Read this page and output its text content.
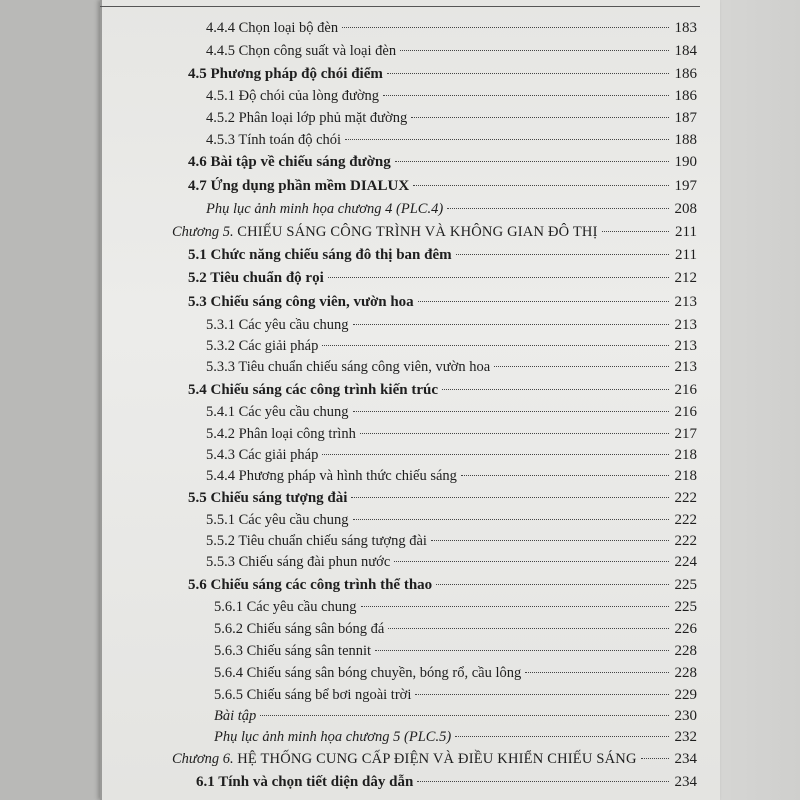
4.4.4 Chọn loại bộ đèn	183
4.4.5 Chọn công suất và loại đèn	184
4.5 Phương pháp độ chói điểm	186
4.5.1 Độ chói của lòng đường	186
4.5.2 Phân loại lớp phủ mặt đường	187
4.5.3 Tính toán độ chói	188
4.6 Bài tập về chiếu sáng đường	190
4.7 Ứng dụng phần mềm DIALUX	197
Phụ lục ảnh minh họa chương 4 (PLC.4)	208
Chương 5. CHIẾU SÁNG CÔNG TRÌNH VÀ KHÔNG GIAN ĐÔ THỊ	211
5.1 Chức năng chiếu sáng đô thị ban đêm	211
5.2 Tiêu chuẩn độ rọi	212
5.3 Chiếu sáng công viên, vườn hoa	213
5.3.1 Các yêu cầu chung	213
5.3.2 Các giải pháp	213
5.3.3 Tiêu chuẩn chiếu sáng công viên, vườn hoa	213
5.4 Chiếu sáng các công trình kiến trúc	216
5.4.1 Các yêu cầu chung	216
5.4.2 Phân loại công trình	217
5.4.3 Các giải pháp	218
5.4.4 Phương pháp và hình thức chiếu sáng	218
5.5 Chiếu sáng tượng đài	222
5.5.1 Các yêu cầu chung	222
5.5.2 Tiêu chuẩn chiếu sáng tượng đài	222
5.5.3 Chiếu sáng đài phun nước	224
5.6 Chiếu sáng các công trình thể thao	225
5.6.1 Các yêu cầu chung	225
5.6.2 Chiếu sáng sân bóng đá	226
5.6.3 Chiếu sáng sân tennit	228
5.6.4 Chiếu sáng sân bóng chuyền, bóng rổ, cầu lông	228
5.6.5 Chiếu sáng bể bơi ngoài trời	229
Bài tập	230
Phụ lục ảnh minh họa chương 5 (PLC.5)	232
Chương 6. HỆ THỐNG CUNG CẤP ĐIỆN VÀ ĐIỀU KHIỂN CHIẾU SÁNG	234
6.1 Tính và chọn tiết diện dây dẫn	234
